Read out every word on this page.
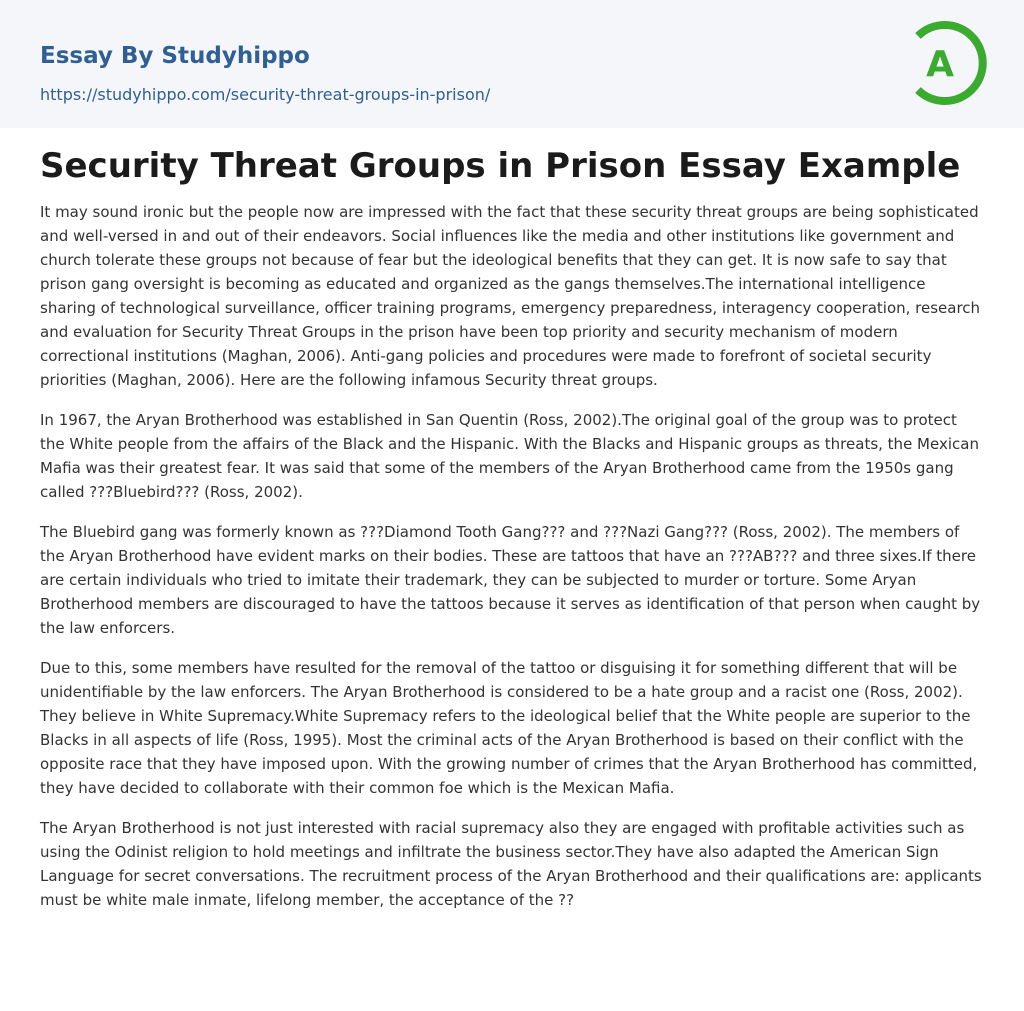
Essay By Studyhippo
https://studyhippo.com/security-threat-groups-in-prison/
A
Security Threat Groups in Prison Essay Example

It may sound ironic but the people now are impressed with the fact that these security threat groups are being sophisticated and well-versed in and out of their endeavors. Social influences like the media and other institutions like government and church tolerate these groups not because of fear but the ideological benefits that they can get. It is now safe to say that prison gang oversight is becoming as educated and organized as the gangs themselves.The international intelligence sharing of technological surveillance, officer training programs, emergency preparedness, interagency cooperation, research and evaluation for Security Threat Groups in the prison have been top priority and security mechanism of modern correctional institutions (Maghan, 2006). Anti-gang policies and procedures were made to forefront of societal security priorities (Maghan, 2006). Here are the following infamous Security threat groups.

In 1967, the Aryan Brotherhood was established in San Quentin (Ross, 2002).The original goal of the group was to protect the White people from the affairs of the Black and the Hispanic. With the Blacks and Hispanic groups as threats, the Mexican Mafia was their greatest fear. It was said that some of the members of the Aryan Brotherhood came from the 1950s gang called ???Bluebird??? (Ross, 2002).

The Bluebird gang was formerly known as ???Diamond Tooth Gang??? and ???Nazi Gang??? (Ross, 2002). The members of the Aryan Brotherhood have evident marks on their bodies. These are tattoos that have an ???AB??? and three sixes.If there are certain individuals who tried to imitate their trademark, they can be subjected to murder or torture. Some Aryan Brotherhood members are discouraged to have the tattoos because it serves as identification of that person when caught by the law enforcers.

Due to this, some members have resulted for the removal of the tattoo or disguising it for something different that will be unidentifiable by the law enforcers. The Aryan Brotherhood is considered to be a hate group and a racist one (Ross, 2002). They believe in White Supremacy.White Supremacy refers to the ideological belief that the White people are superior to the Blacks in all aspects of life (Ross, 1995). Most the criminal acts of the Aryan Brotherhood is based on their conflict with the opposite race that they have imposed upon. With the growing number of crimes that the Aryan Brotherhood has committed, they have decided to collaborate with their common foe which is the Mexican Mafia.

The Aryan Brotherhood is not just interested with racial supremacy also they are engaged with profitable activities such as using the Odinist religion to hold meetings and infiltrate the business sector.They have also adapted the American Sign Language for secret conversations. The recruitment process of the Aryan Brotherhood and their qualifications are: applicants must be white male inmate, lifelong member, the acceptance of the ??
